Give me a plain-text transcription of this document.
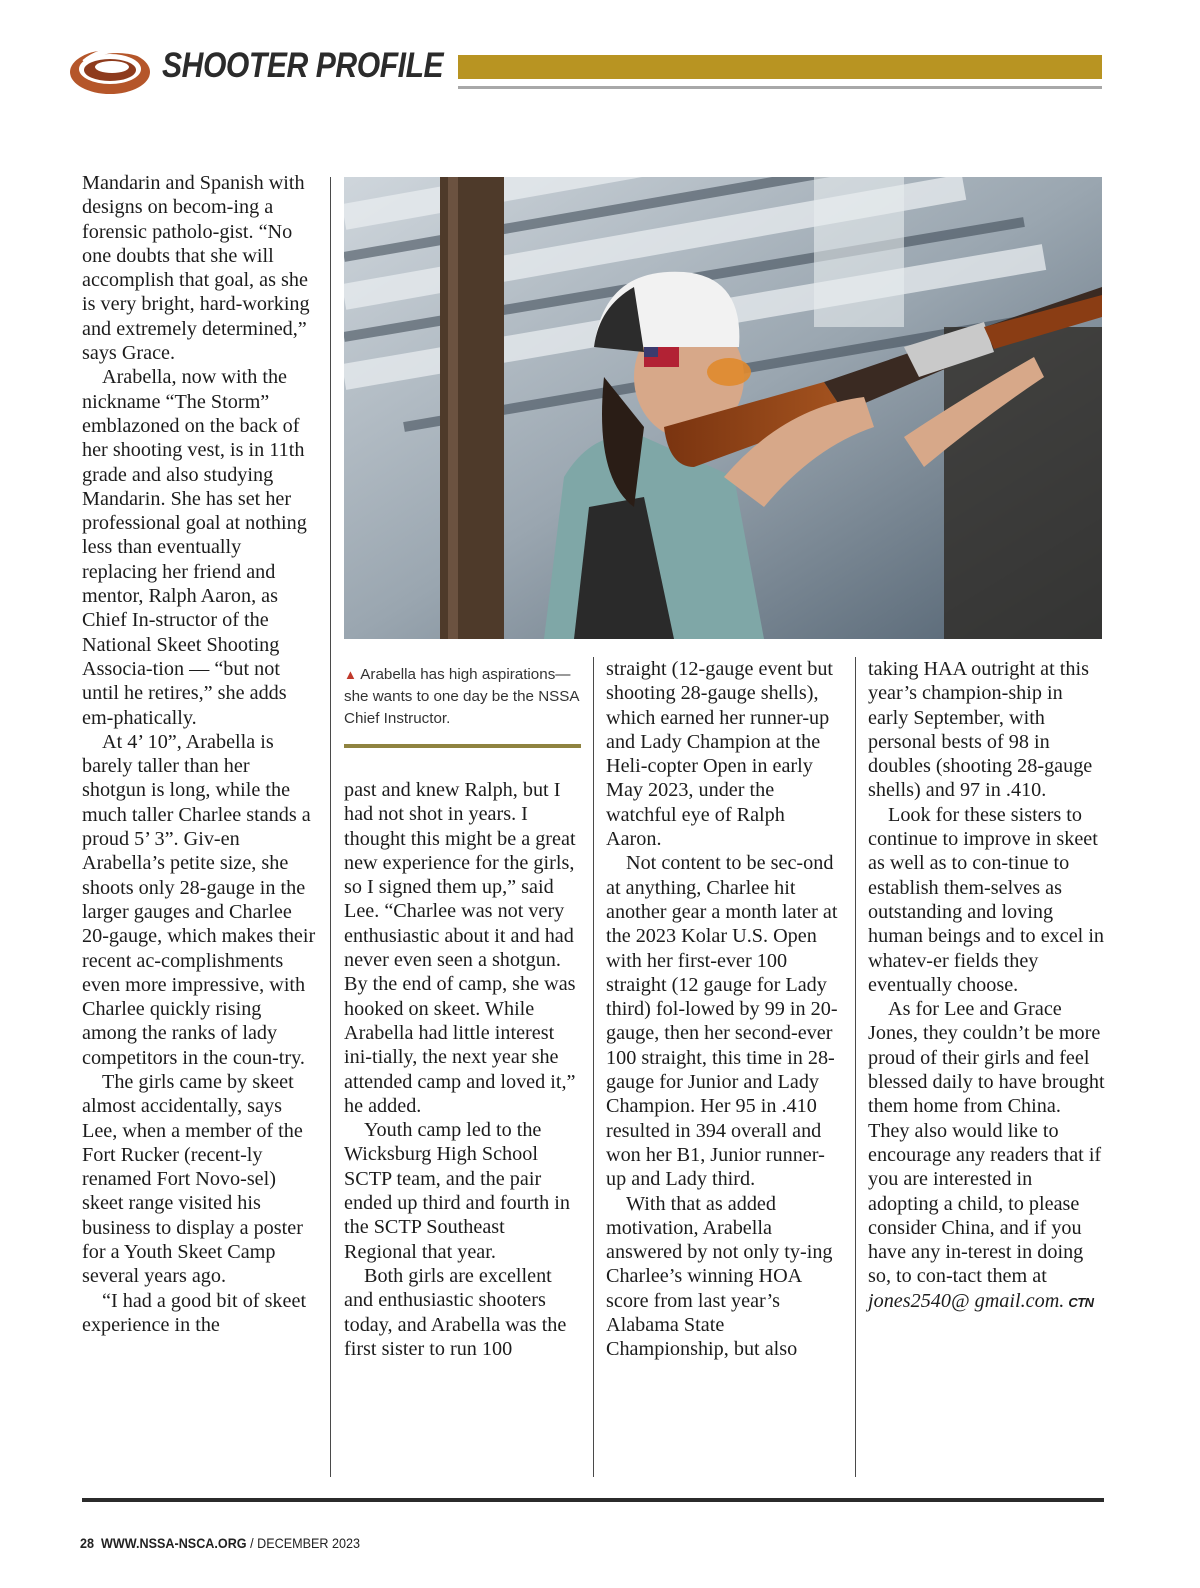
SHOOTER PROFILE

Mandarin and Spanish with designs on becom-ing a forensic patholo-gist. “No one doubts that she will accomplish that goal, as she is very bright, hard-working and extremely determined,” says Grace.

Arabella, now with the nickname “The Storm” emblazoned on the back of her shooting vest, is in 11th grade and also studying Mandarin. She has set her professional goal at nothing less than eventually replacing her friend and mentor, Ralph Aaron, as Chief In-structor of the National Skeet Shooting Associa-tion — “but not until he retires,” she adds em-phatically.

At 4’ 10”, Arabella is barely taller than her shotgun is long, while the much taller Charlee stands a proud 5’ 3”. Giv-en Arabella’s petite size, she shoots only 28-gauge in the larger gauges and Charlee 20-gauge, which makes their recent ac-complishments even more impressive, with Charlee quickly rising among the ranks of lady competitors in the coun-try.

The girls came by skeet almost accidentally, says Lee, when a member of the Fort Rucker (recent-ly renamed Fort Novo-sel) skeet range visited his business to display a poster for a Youth Skeet Camp several years ago.

“I had a good bit of skeet experience in the

▲ Arabella has high aspirations—she wants to one day be the NSSA Chief Instructor.

past and knew Ralph, but I had not shot in years. I thought this might be a great new experience for the girls, so I signed them up,” said Lee. “Charlee was not very enthusiastic about it and had never even seen a shotgun. By the end of camp, she was hooked on skeet. While Arabella had little interest ini-tially, the next year she attended camp and loved it,” he added.

Youth camp led to the Wicksburg High School SCTP team, and the pair ended up third and fourth in the SCTP Southeast Regional that year.

Both girls are excellent and enthusiastic shooters today, and Arabella was the first sister to run 100

straight (12-gauge event but shooting 28-gauge shells), which earned her runner-up and Lady Champion at the Heli-copter Open in early May 2023, under the watchful eye of Ralph Aaron.

Not content to be sec-ond at anything, Charlee hit another gear a month later at the 2023 Kolar U.S. Open with her first-ever 100 straight (12 gauge for Lady third) fol-lowed by 99 in 20-gauge, then her second-ever 100 straight, this time in 28-gauge for Junior and Lady Champion. Her 95 in .410 resulted in 394 overall and won her B1, Junior runner-up and Lady third.

With that as added motivation, Arabella answered by not only ty-ing Charlee’s winning HOA score from last year’s Alabama State Championship, but also

taking HAA outright at this year’s champion-ship in early September, with personal bests of 98 in doubles (shooting 28-gauge shells) and 97 in .410.

Look for these sisters to continue to improve in skeet as well as to con-tinue to establish them-selves as outstanding and loving human beings and to excel in whatev-er fields they eventually choose.

As for Lee and Grace Jones, they couldn’t be more proud of their girls and feel blessed daily to have brought them home from China. They also would like to encourage any readers that if you are interested in adopting a child, to please consider China, and if you have any in-terest in doing so, to con-tact them at jones2540@ gmail.com. CTN

28 WWW.NSSA-NSCA.ORG / DECEMBER 2023
